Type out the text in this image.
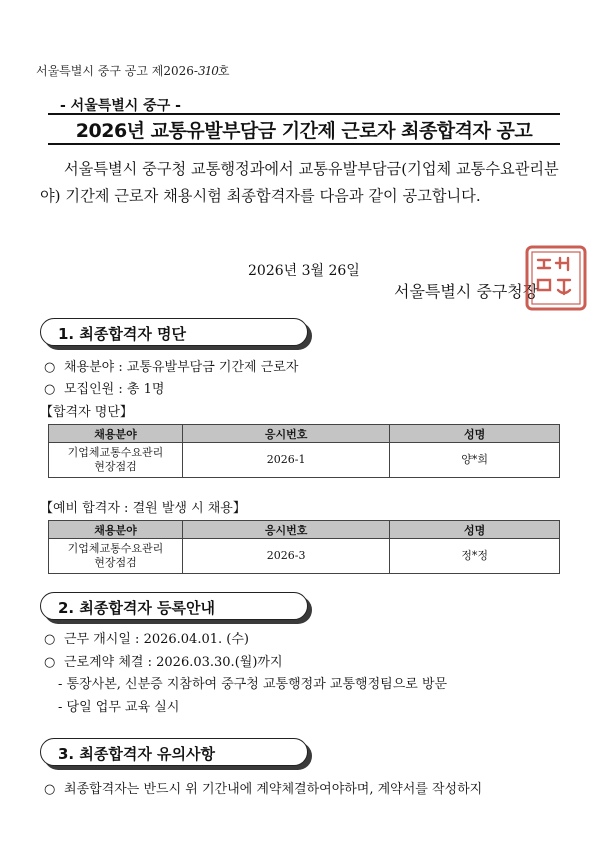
서울특별시 중구 공고 제2026-310호
- 서울특별시 중구 -
2026년 교통유발부담금 기간제 근로자 최종합격자 공고
서울특별시 중구청 교통행정과에서 교통유발부담금(기업체 교통수요관리분야) 기간제 근로자 채용시험 최종합격자를 다음과 같이 공고합니다.
2026년 3월 26일
서울특별시 중구청장
1. 최종합격자 명단
○ 채용분야 : 교통유발부담금 기간제 근로자
○ 모집인원 : 총 1명
【합격자 명단】
채용분야	응시번호	성명
기업체교통수요관리
현장점검	2026-1	양*희
【예비 합격자 : 결원 발생 시 채용】
채용분야	응시번호	성명
기업체교통수요관리
현장점검	2026-3	정*정
2. 최종합격자 등록안내
○ 근무 개시일 : 2026.04.01. (수)
○ 근로계약 체결 : 2026.03.30.(월)까지
- 통장사본, 신분증 지참하여 중구청 교통행정과 교통행정팀으로 방문
- 당일 업무 교육 실시
3. 최종합격자 유의사항
○ 최종합격자는 반드시 위 기간내에 계약체결하여야하며, 계약서를 작성하지
